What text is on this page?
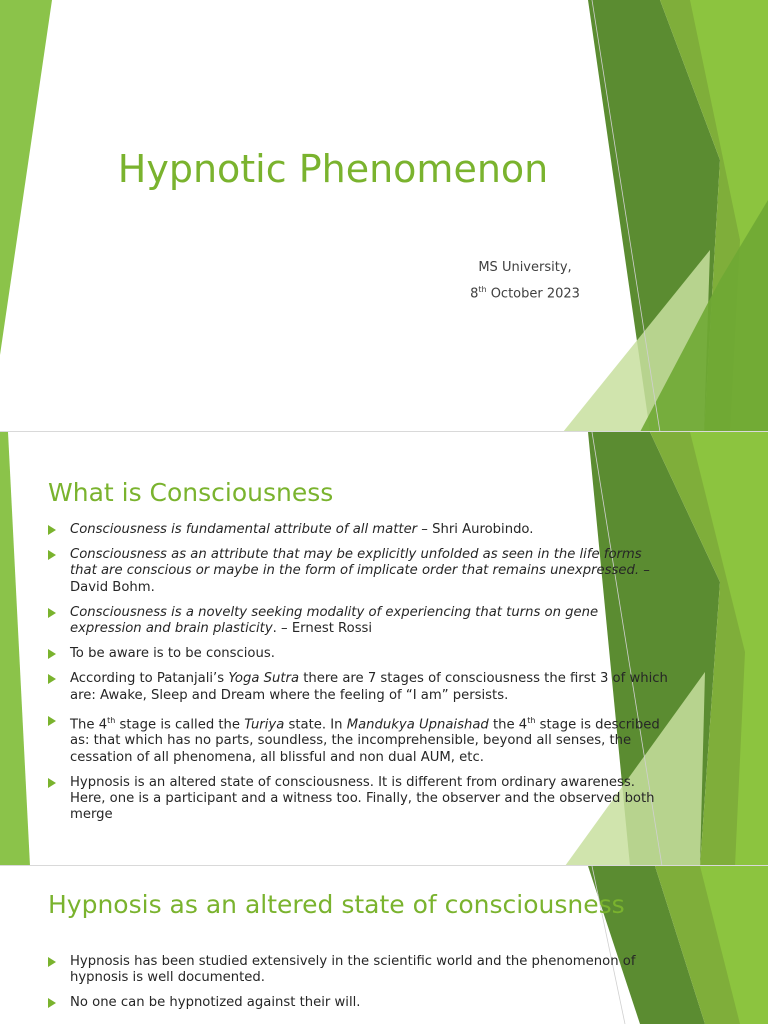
Hypnotic Phenomenon

MS University,

8th October 2023

What is Consciousness
Consciousness is fundamental attribute of all matter – Shri Aurobindo.
Consciousness as an attribute that may be explicitly unfolded as seen in the life forms that are conscious or maybe in the form of implicate order that remains unexpressed. – David Bohm.
Consciousness is a novelty seeking modality of experiencing that turns on gene expression and brain plasticity. – Ernest Rossi
To be aware is to be conscious.
According to Patanjali’s Yoga Sutra there are 7 stages of consciousness the first 3 of which are: Awake, Sleep and Dream where the feeling of “I am” persists.
The 4th stage is called the Turiya state. In Mandukya Upnaishad the 4th stage is described as: that which has no parts, soundless, the incomprehensible, beyond all senses, the cessation of all phenomena, all blissful and non dual AUM, etc.
Hypnosis is an altered state of consciousness. It is different from ordinary awareness. Here, one is a participant and a witness too. Finally, the observer and the observed both merge
Hypnosis as an altered state of consciousness
Hypnosis has been studied extensively in the scientific world and the phenomenon of hypnosis is well documented.
No one can be hypnotized against their will.
